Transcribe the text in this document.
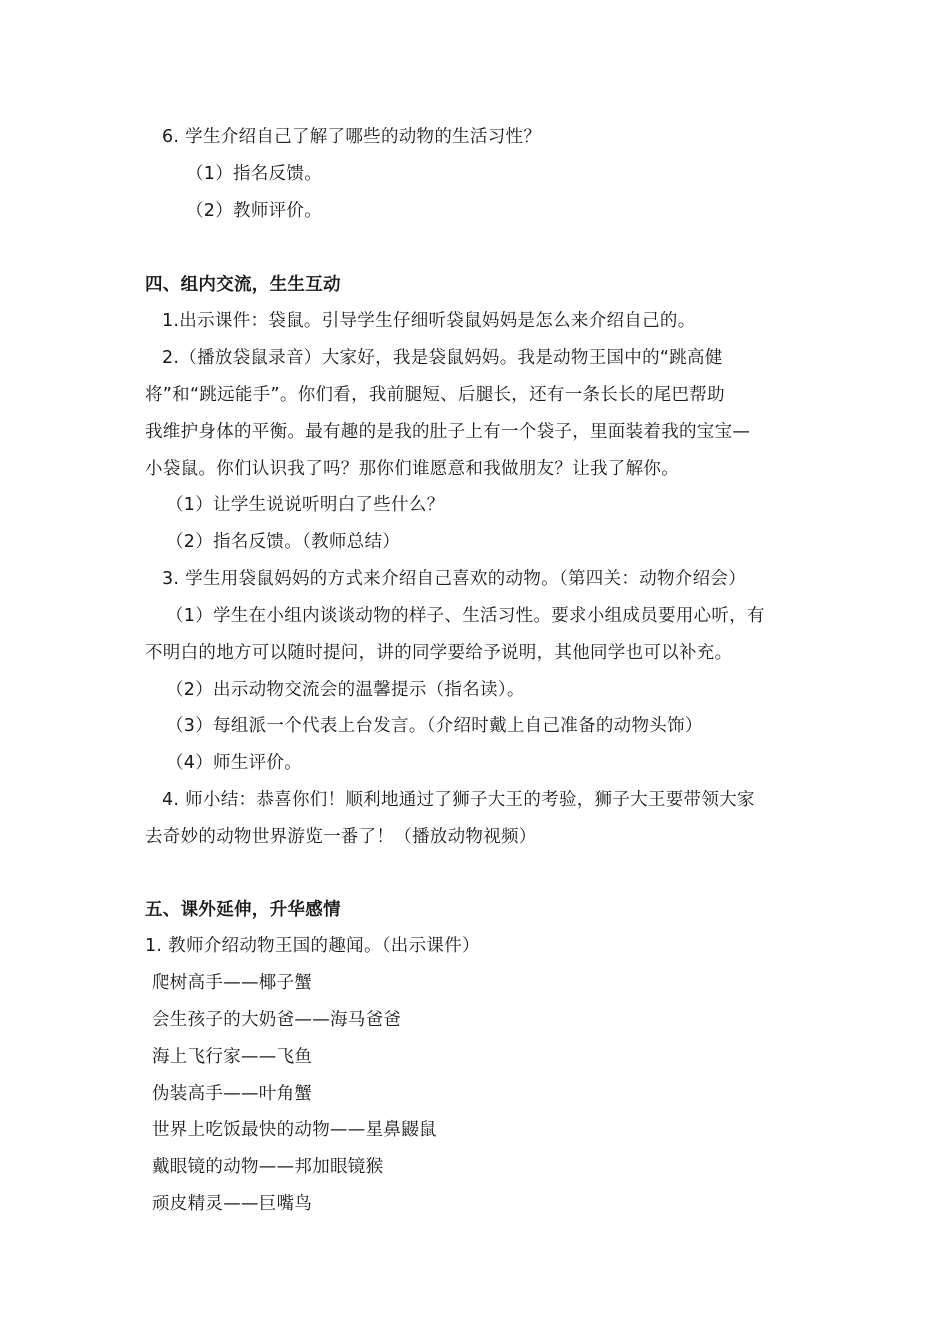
6. 学生介绍自己了解了哪些的动物的生活习性？
（1）指名反馈。
（2）教师评价。
四、组内交流，生生互动
1.出示课件：袋鼠。引导学生仔细听袋鼠妈妈是怎么来介绍自己的。
2.（播放袋鼠录音）大家好，我是袋鼠妈妈。我是动物王国中的“跳高健
将”和“跳远能手”。你们看，我前腿短、后腿长，还有一条长长的尾巴帮助
我维护身体的平衡。最有趣的是我的肚子上有一个袋子，里面装着我的宝宝—
小袋鼠。你们认识我了吗？那你们谁愿意和我做朋友？让我了解你。
（1）让学生说说听明白了些什么？
（2）指名反馈。（教师总结）
3. 学生用袋鼠妈妈的方式来介绍自己喜欢的动物。（第四关：动物介绍会）
（1）学生在小组内谈谈动物的样子、生活习性。要求小组成员要用心听，有
不明白的地方可以随时提问，讲的同学要给予说明，其他同学也可以补充。
（2）出示动物交流会的温馨提示（指名读）。
（3）每组派一个代表上台发言。（介绍时戴上自己准备的动物头饰）
（4）师生评价。
4. 师小结：恭喜你们！顺利地通过了狮子大王的考验，狮子大王要带领大家
去奇妙的动物世界游览一番了！（播放动物视频）
五、课外延伸，升华感情
1. 教师介绍动物王国的趣闻。（出示课件）
爬树高手——椰子蟹
会生孩子的大奶爸——海马爸爸
海上飞行家——飞鱼
伪装高手——叶角蟹
世界上吃饭最快的动物——星鼻鼹鼠
戴眼镜的动物——邦加眼镜猴
顽皮精灵——巨嘴鸟
